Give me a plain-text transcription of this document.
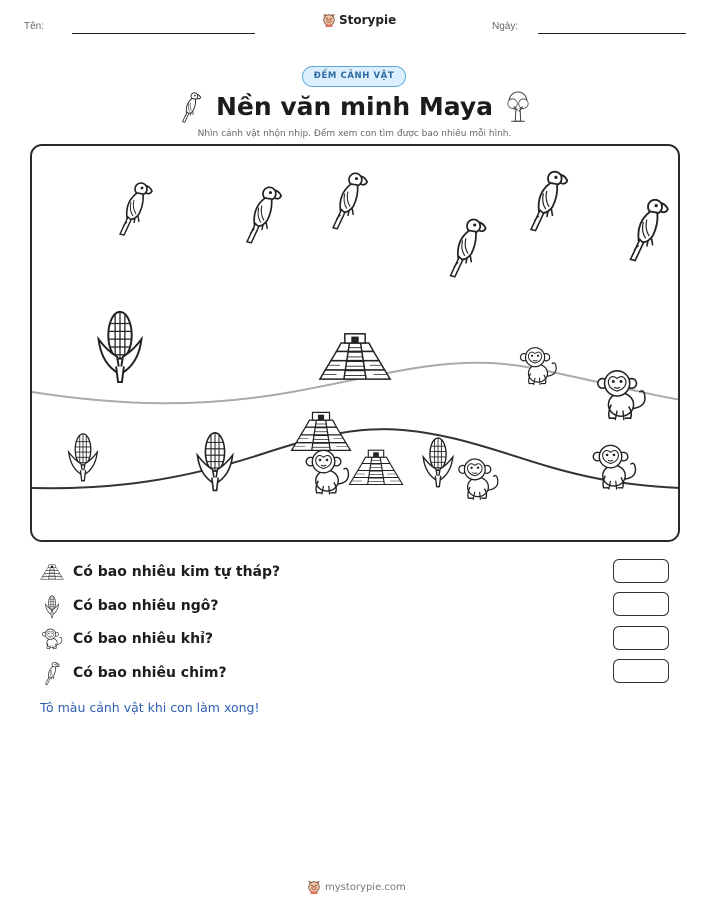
Tên:	Storypie	Ngày:
ĐẾM CẢNH VẬT
Nền văn minh Maya
Nhìn cảnh vật nhộn nhịp. Đếm xem con tìm được bao nhiêu mỗi hình.
Có bao nhiêu kim tự tháp?
Có bao nhiêu ngô?
Có bao nhiêu khỉ?
Có bao nhiêu chim?
Tô màu cảnh vật khi con làm xong!
mystorypie.com
